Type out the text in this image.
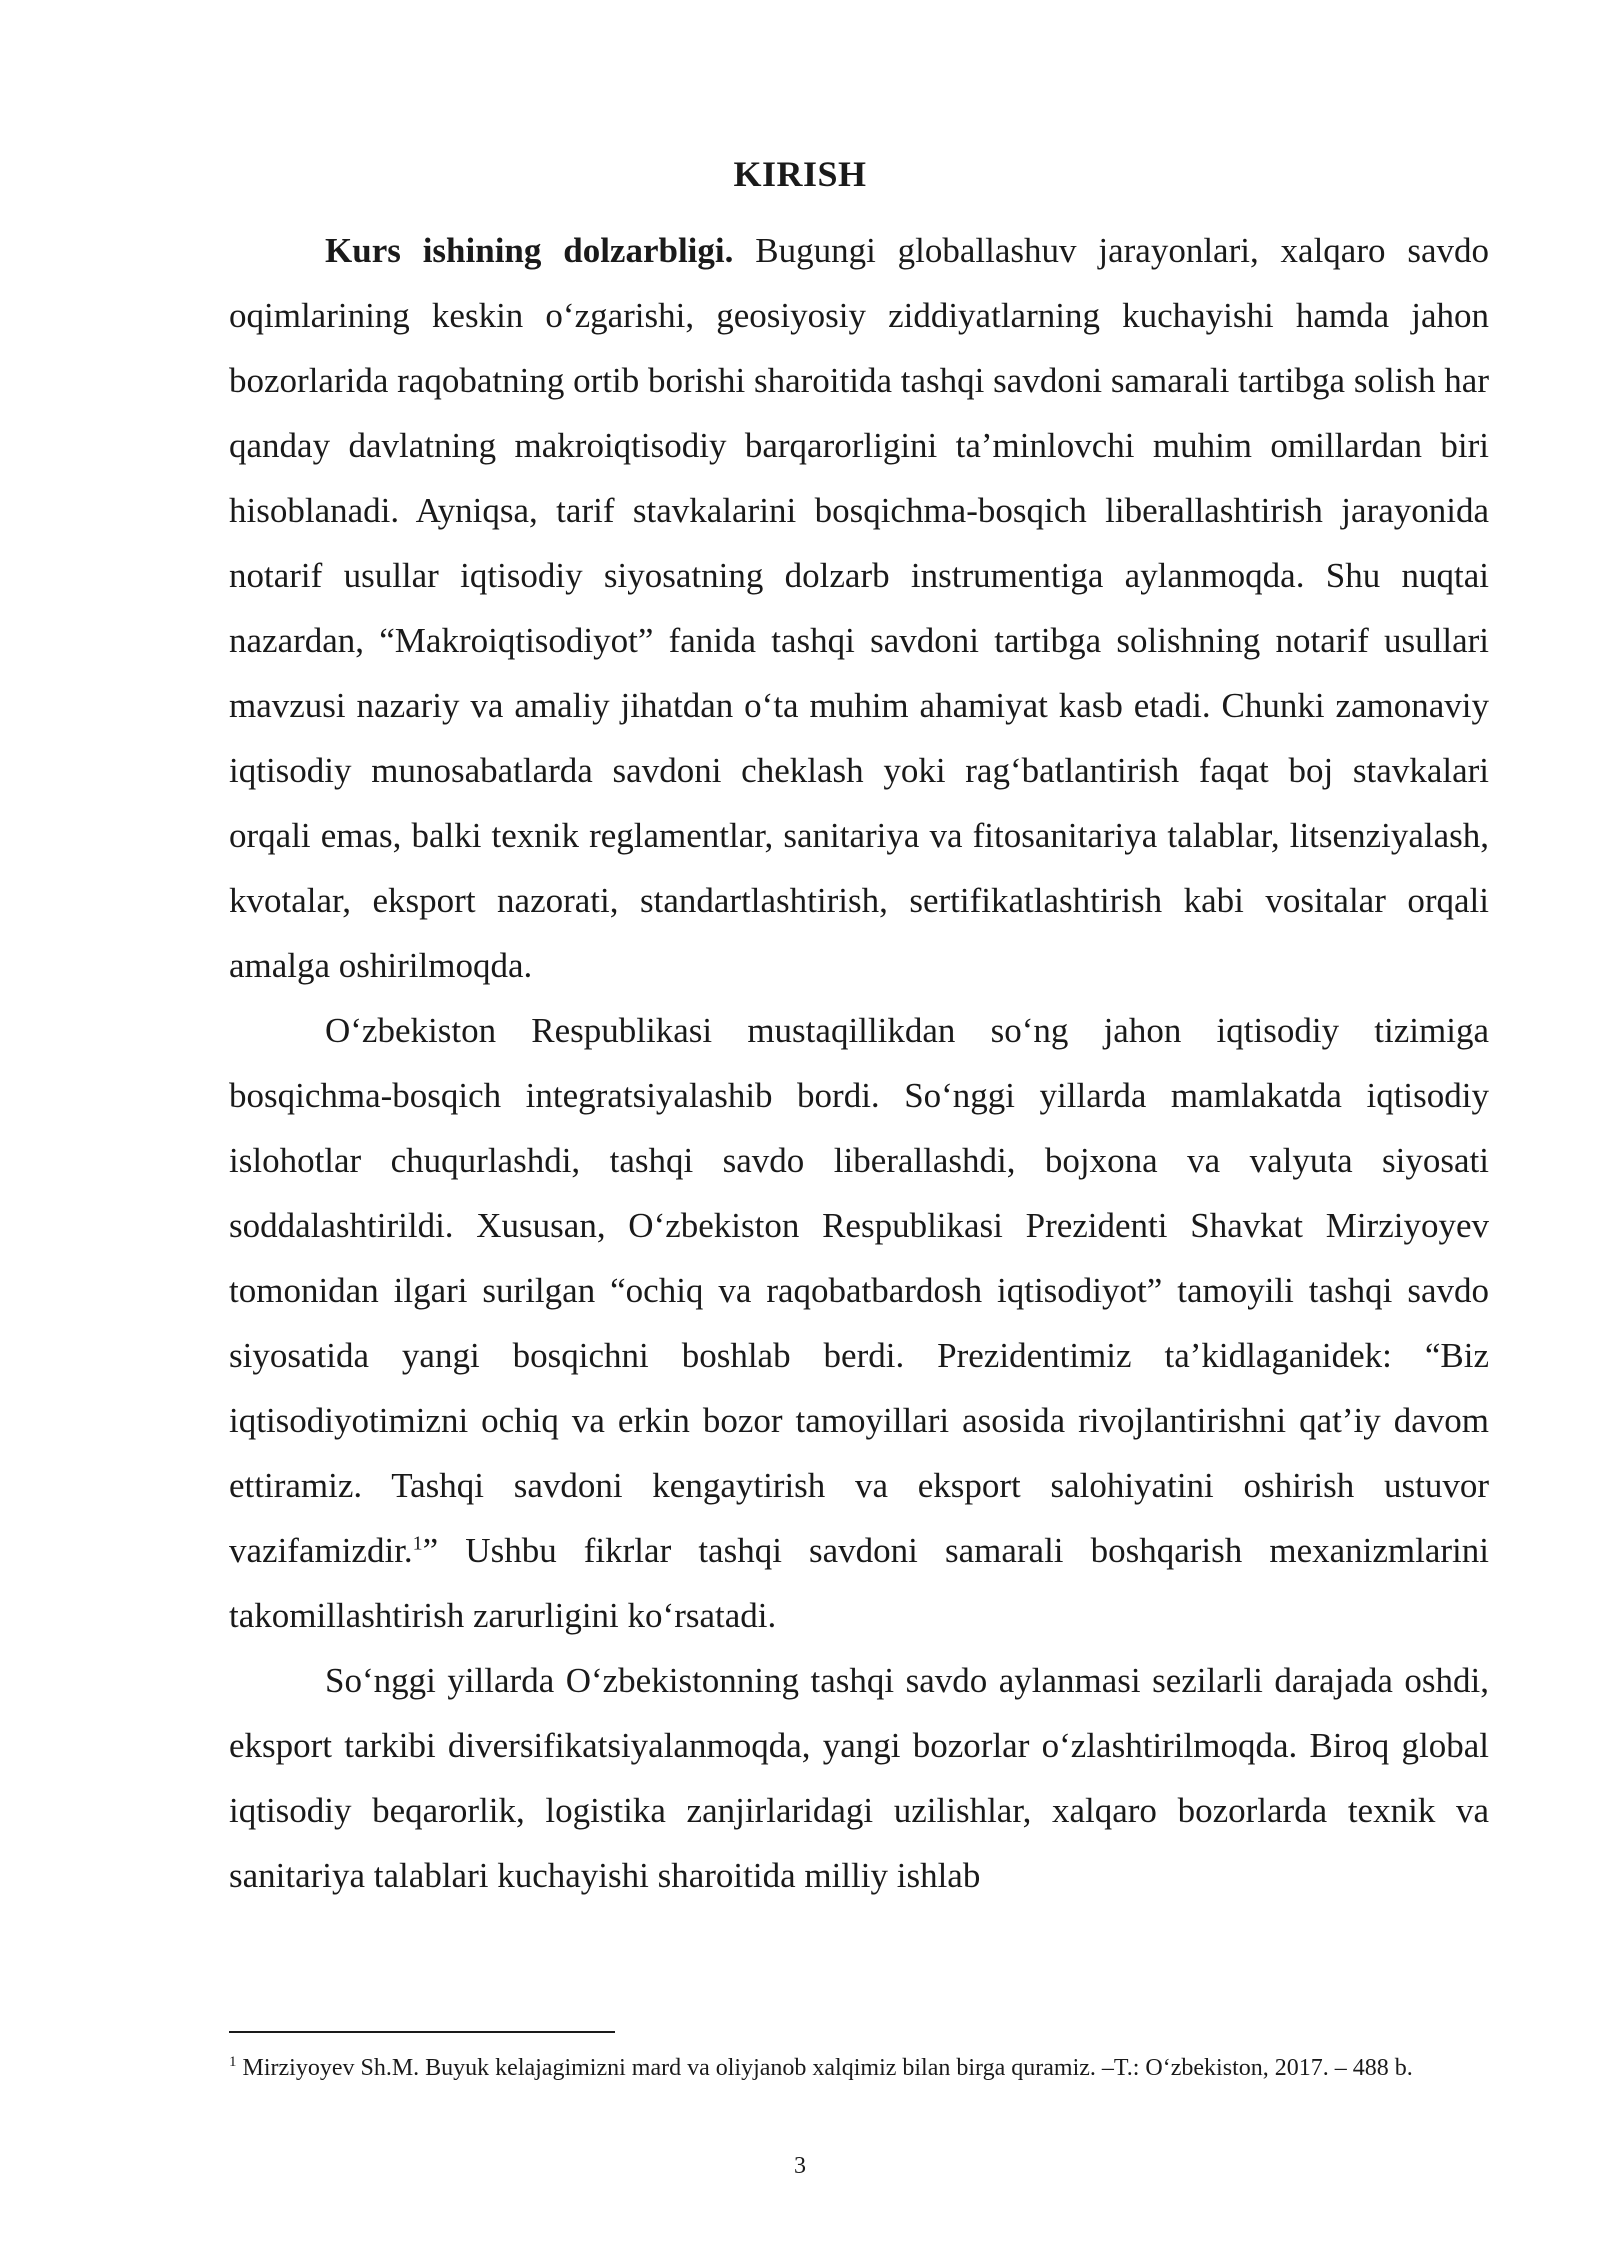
KIRISH

Kurs ishining dolzarbligi. Bugungi globallashuv jarayonlari, xalqaro savdo oqimlarining keskin o‘zgarishi, geosiyosiy ziddiyatlarning kuchayishi hamda jahon bozorlarida raqobatning ortib borishi sharoitida tashqi savdoni samarali tartibga solish har qanday davlatning makroiqtisodiy barqarorligini ta’minlovchi muhim omillardan biri hisoblanadi. Ayniqsa, tarif stavkalarini bosqichma-bosqich liberallashtirish jarayonida notarif usullar iqtisodiy siyosatning dolzarb instrumentiga aylanmoqda. Shu nuqtai nazardan, “Makroiqtisodiyot” fanida tashqi savdoni tartibga solishning notarif usullari mavzusi nazariy va amaliy jihatdan o‘ta muhim ahamiyat kasb etadi. Chunki zamonaviy iqtisodiy munosabatlarda savdoni cheklash yoki rag‘batlantirish faqat boj stavkalari orqali emas, balki texnik reglamentlar, sanitariya va fitosanitariya talablar, litsenziyalash, kvotalar, eksport nazorati, standartlashtirish, sertifikatlashtirish kabi vositalar orqali amalga oshirilmoqda.

O‘zbekiston Respublikasi mustaqillikdan so‘ng jahon iqtisodiy tizimiga bosqichma-bosqich integratsiyalashib bordi. So‘nggi yillarda mamlakatda iqtisodiy islohotlar chuqurlashdi, tashqi savdo liberallashdi, bojxona va valyuta siyosati soddalashtirildi. Xususan, O‘zbekiston Respublikasi Prezidenti Shavkat Mirziyoyev tomonidan ilgari surilgan “ochiq va raqobatbardosh iqtisodiyot” tamoyili tashqi savdo siyosatida yangi bosqichni boshlab berdi. Prezidentimiz ta’kidlaganidek: “Biz iqtisodiyotimizni ochiq va erkin bozor tamoyillari asosida rivojlantirishni qat’iy davom ettiramiz. Tashqi savdoni kengaytirish va eksport salohiyatini oshirish ustuvor vazifamizdir.$^1$” Ushbu fikrlar tashqi savdoni samarali boshqarish mexanizmlarini takomillashtirish zarurligini ko‘rsatadi.

So‘nggi yillarda O‘zbekistonning tashqi savdo aylanmasi sezilarli darajada oshdi, eksport tarkibi diversifikatsiyalanmoqda, yangi bozorlar o‘zlashtirilmoqda. Biroq global iqtisodiy beqarorlik, logistika zanjirlaridagi uzilishlar, xalqaro bozorlarda texnik va sanitariya talablari kuchayishi sharoitida milliy ishlab

$^1$ Mirziyoyev Sh.M. Buyuk kelajagimizni mard va oliyjanob xalqimiz bilan birga quramiz. –T.: O‘zbekiston, 2017. – 488 b.
3
